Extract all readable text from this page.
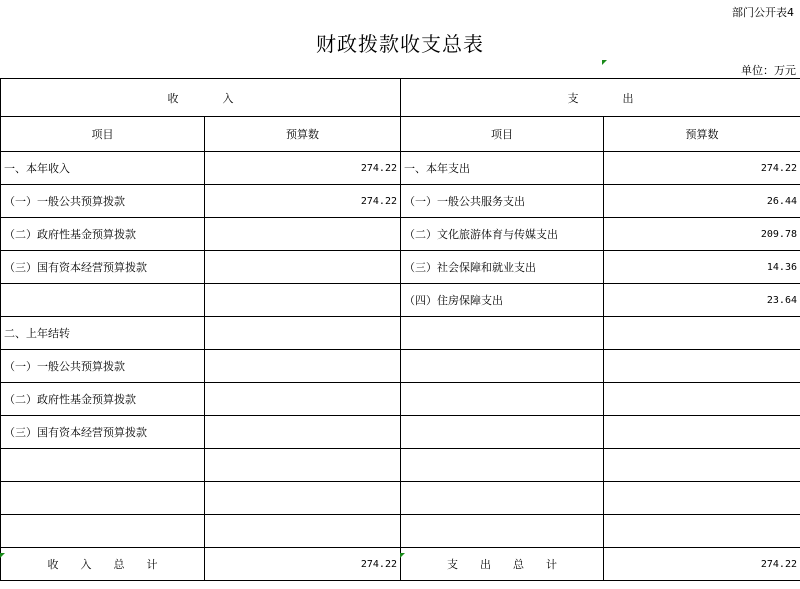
部门公开表4
财政拨款收支总表
单位：万元
收　　　　入		支　　　　出	
项目	预算数	项目	预算数
一、本年收入	274.22	一、本年支出	274.22
（一）一般公共预算拨款	274.22	（一）一般公共服务支出	26.44
（二）政府性基金预算拨款		（二）文化旅游体育与传媒支出	209.78
（三）国有资本经营预算拨款		（三）社会保障和就业支出	14.36
		（四）住房保障支出	23.64
二、上年结转			
（一）一般公共预算拨款			
（二）政府性基金预算拨款			
（三）国有资本经营预算拨款			

收　　入　　总　　计	274.22	支　　出　　总　　计	274.22
